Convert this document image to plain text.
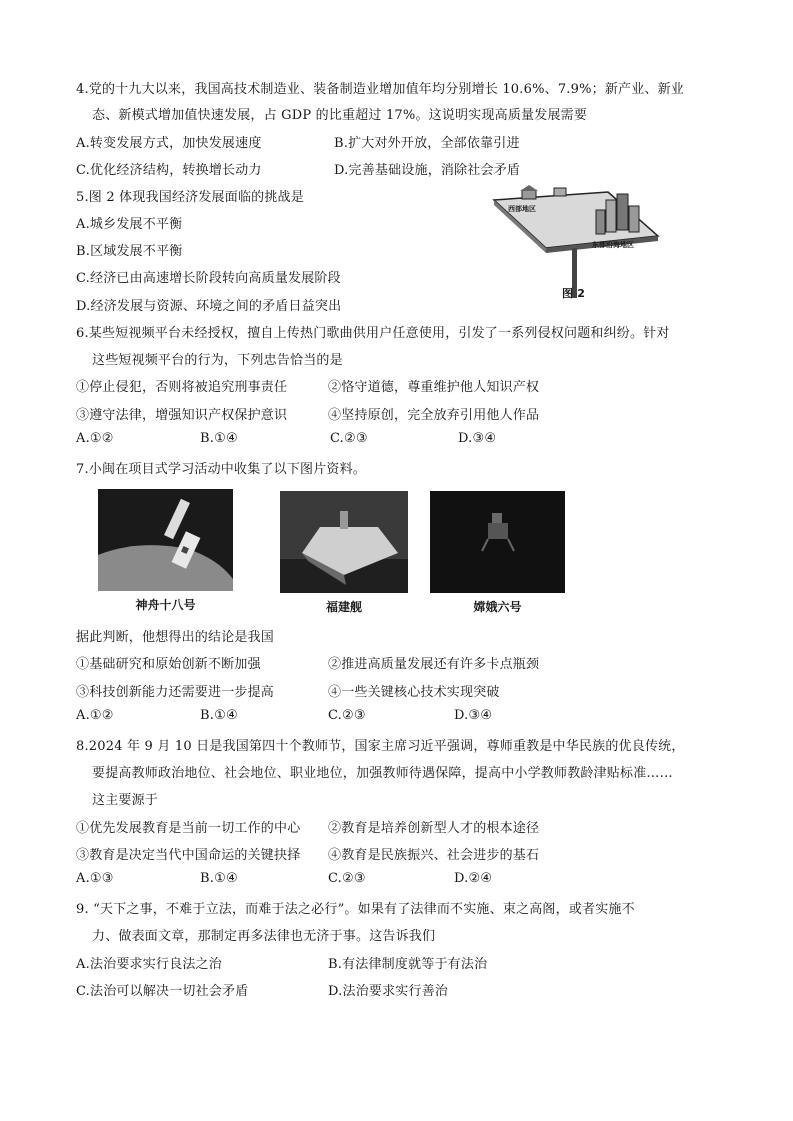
4.党的十九大以来，我国高技术制造业、装备制造业增加值年均分别增长 10.6%、7.9%；新产业、新业
态、新模式增加值快速发展，占 GDP 的比重超过 17%。这说明实现高质量发展需要
A.转变发展方式，加快发展速度	B.扩大对外开放，全部依靠引进
C.优化经济结构，转换增长动力	D.完善基础设施，消除社会矛盾
5.图 2 体现我国经济发展面临的挑战是
A.城乡发展不平衡
B.区域发展不平衡
C.经济已由高速增长阶段转向高质量发展阶段
D.经济发展与资源、环境之间的矛盾日益突出
西部地区
东部沿海地区
图 2
6.某些短视频平台未经授权，擅自上传热门歌曲供用户任意使用，引发了一系列侵权问题和纠纷。针对
这些短视频平台的行为，下列忠告恰当的是
①停止侵犯，否则将被追究刑事责任	②恪守道德，尊重维护他人知识产权
③遵守法律，增强知识产权保护意识	④坚持原创，完全放弃引用他人作品
A.①②	B.①④	C.②③	D.③④
7.小闽在项目式学习活动中收集了以下图片资料。
神舟十八号	福建舰	嫦娥六号
据此判断，他想得出的结论是我国
①基础研究和原始创新不断加强	②推进高质量发展还有许多卡点瓶颈
③科技创新能力还需要进一步提高	④一些关键核心技术实现突破
A.①②	B.①④	C.②③	D.③④
8.2024 年 9 月 10 日是我国第四十个教师节，国家主席习近平强调，尊师重教是中华民族的优良传统，
要提高教师政治地位、社会地位、职业地位，加强教师待遇保障，提高中小学教师教龄津贴标准……
这主要源于
①优先发展教育是当前一切工作的中心 ②教育是培养创新型人才的根本途径
③教育是决定当代中国命运的关键抉择 ④教育是民族振兴、社会进步的基石
A.①③	B.①④	C.②③	D.②④
9. “天下之事，不难于立法，而难于法之必行”。如果有了法律而不实施、束之高阁，或者实施不
力、做表面文章，那制定再多法律也无济于事。这告诉我们
A.法治要求实行良法之治	B.有法律制度就等于有法治
C.法治可以解决一切社会矛盾	D.法治要求实行善治
